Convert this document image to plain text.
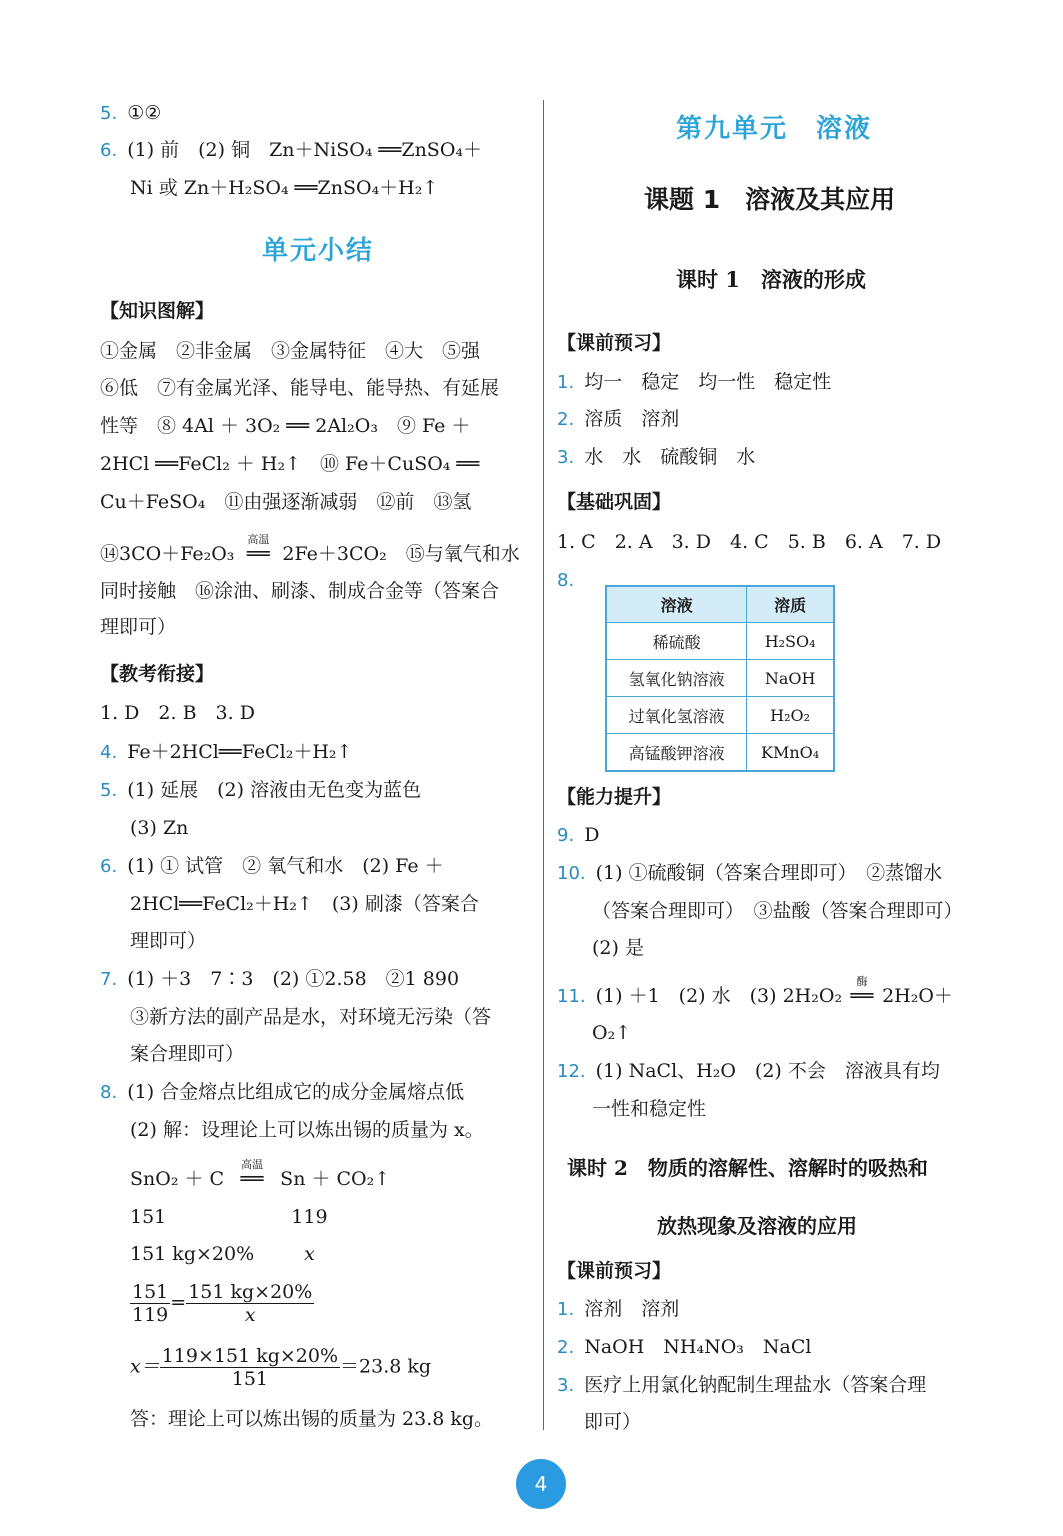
5. ①②
6. (1) 前　(2) 铜　Zn＋NiSO₄ ══ZnSO₄＋
Ni 或 Zn＋H₂SO₄ ══ZnSO₄＋H₂↑
单元小结
【知识图解】
①金属　②非金属　③金属特征　④大　⑤强
⑥低　⑦有金属光泽、能导电、能导热、有延展
性等　⑧ 4Al ＋ 3O₂ ══ 2Al₂O₃　⑨ Fe ＋
2HCl ══FeCl₂ ＋ H₂↑　⑩ Fe＋CuSO₄ ══
Cu＋FeSO₄　⑪由强逐渐减弱　⑫前　⑬氢
⑭3CO＋Fe₂O₃
高温
══ 2Fe＋3CO₂　⑮与氧气和水
同时接触　⑯涂油、刷漆、制成合金等（答案合
理即可）
【教考衔接】
1. D　2. B　3. D
4. Fe＋2HCl══FeCl₂＋H₂↑
5. (1) 延展　(2) 溶液由无色变为蓝色
(3) Zn
6. (1) ① 试管　② 氧气和水　(2) Fe ＋
2HCl══FeCl₂＋H₂↑　(3) 刷漆（答案合
理即可）
7. (1) ＋3　7∶3　(2) ①2.58　②1 890
③新方法的副产品是水，对环境无污染（答
案合理即可）
8. (1) 合金熔点比组成它的成分金属熔点低
(2) 解：设理论上可以炼出锡的质量为 x。
SnO₂ ＋ C
高温
══ Sn ＋ CO₂↑
151	119
151 kg×20%	x
$\frac{151}{119} = \frac{151 kg\times 20\%}{x}$
$x= \frac{119\times 151 kg\times 20\%}{151} =23.8$ kg
答：理论上可以炼出锡的质量为 23.8 kg。
第九单元　溶液
课题 1　溶液及其应用
课时 1　溶液的形成
【课前预习】
1. 均一　稳定　均一性　稳定性
2. 溶质　溶剂
3. 水　水　硫酸铜　水
【基础巩固】
1. C　2. A　3. D　4. C　5. B　6. A　7. D
8.
溶液	溶质
稀硫酸	H₂SO₄
氢氧化钠溶液	NaOH
过氧化氢溶液	H₂O₂
高锰酸钾溶液	KMnO₄
【能力提升】
9. D
10. (1) ①硫酸铜（答案合理即可）　②蒸馏水
（答案合理即可）　③盐酸（答案合理即可）
(2) 是
11. (1) ＋1　(2) 水　(3) 2H₂O₂
酶
══ 2H₂O＋
O₂↑
12. (1) NaCl、H₂O　(2) 不会　溶液具有均
一性和稳定性
课时 2　物质的溶解性、溶解时的吸热和
放热现象及溶液的应用
【课前预习】
1. 溶剂　溶剂
2. NaOH　NH₄NO₃　NaCl
3. 医疗上用氯化钠配制生理盐水（答案合理
即可）
4
